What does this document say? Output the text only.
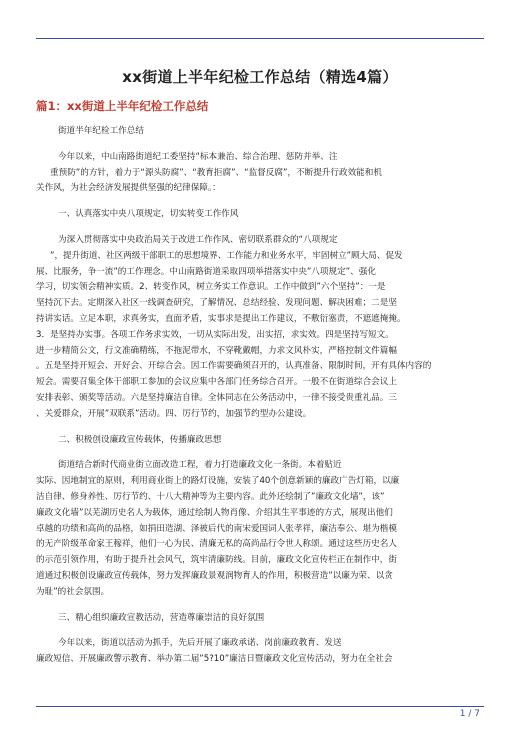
xx街道上半年纪检工作总结（精选4篇）
篇1：xx街道上半年纪检工作总结

街道半年纪检工作总结

今年以来，中山南路街道纪工委坚持“标本兼治、综合治理、惩防并举、注

重预防”的方针，着力于“源头防腐”、“教育拒腐”、“监督反腐”，不断提升行政效能和机

关作风，为社会经济发展提供坚强的纪律保障。：

一、认真落实中央八项规定，切实转变工作作风

为深入贯彻落实中央政治局关于改进工作作风、密切联系群众的“八项规定

”，提升街道、社区两级干部职工的思想境界、工作能力和业务水平，牢固树立”顾大局、促发

展、比服务，争一流”的工作理念。中山南路街道采取四项举措落实中央”八项规定”、强化

学习，切实领会精神实质。2、转变作风，树立务实工作意识。工作中做到”六个坚持”：一是

坚持沉下去。定期深入社区一线调查研究，了解情况、总结经验、发现问题、解决困难；二是坚

持讲实话。立足本职，求真务实，直面矛盾，实事求是提出工作建议，不敷衍塞责，不遮遮掩掩。

3．是坚持办实事。各项工作务求实效，一切从实际出发，出实招，求实效。四是坚持写短文。

进一步精简公文，行文准确精练，不拖泥带水，不穿靴戴帽，力求文风朴实，严格控制文件篇幅

。五是坚持开短会、开好会、开综合会。因工作需要确须召开的，认真准备、限制时间，开有具体内容的

短会。需要召集全体干部职工参加的会议应集中各部门任务综合召开。一般不在街道综合会议上

安排表彰、颁奖等活动。六是坚持廉洁自律。全体同志在公务活动中，一律不接受贵重礼品。三

、关爱群众，开展”双联系”活动。四、厉行节约，加强节约型办公建设。

二、积极创设廉政宣传载体，传播廉政思想

街道结合新时代商业街立面改造工程，着力打造廉政文化一条街。本着贴近

实际、因地制宜的原则，利用商业街上的路灯设施，安装了40个创意新颖的廉政广告灯箱，以廉

洁自律、修身养性、厉行节约、十八大精神等为主要内容。此外还绘制了”廉政文化墙”，该”

廉政文化墙”以芜湖历史名人为载体，通过绘制人物肖像、介绍其生平事迹的方式，展现出他们

卓越的功绩和高尚的品格，如捐田造湖、泽被后代的南宋爱国词人张孝祥，廉洁奉公、堪为楷模

的无产阶级革命家王稼祥，他们一心为民、清廉无私的高尚品行令世人称颂。通过这些历史名人

的示范引领作用，有助于提升社会风气，筑牢清廉防线。目前，廉政文化宣传栏正在制作中，街

道通过积极创设廉政宣传载体，努力发挥廉政景观润物育人的作用，积极营造”以廉为荣、以贪

为耻”的社会氛围。

三、精心组织廉政宣教活动，营造尊廉崇洁的良好氛围

今年以来，街道以活动为抓手，先后开展了廉政承诺、岗前廉政教育、发送

廉政短信、开展廉政警示教育、举办第二届”5?10”廉洁日暨廉政文化宣传活动，努力在全社会

1 / 7
